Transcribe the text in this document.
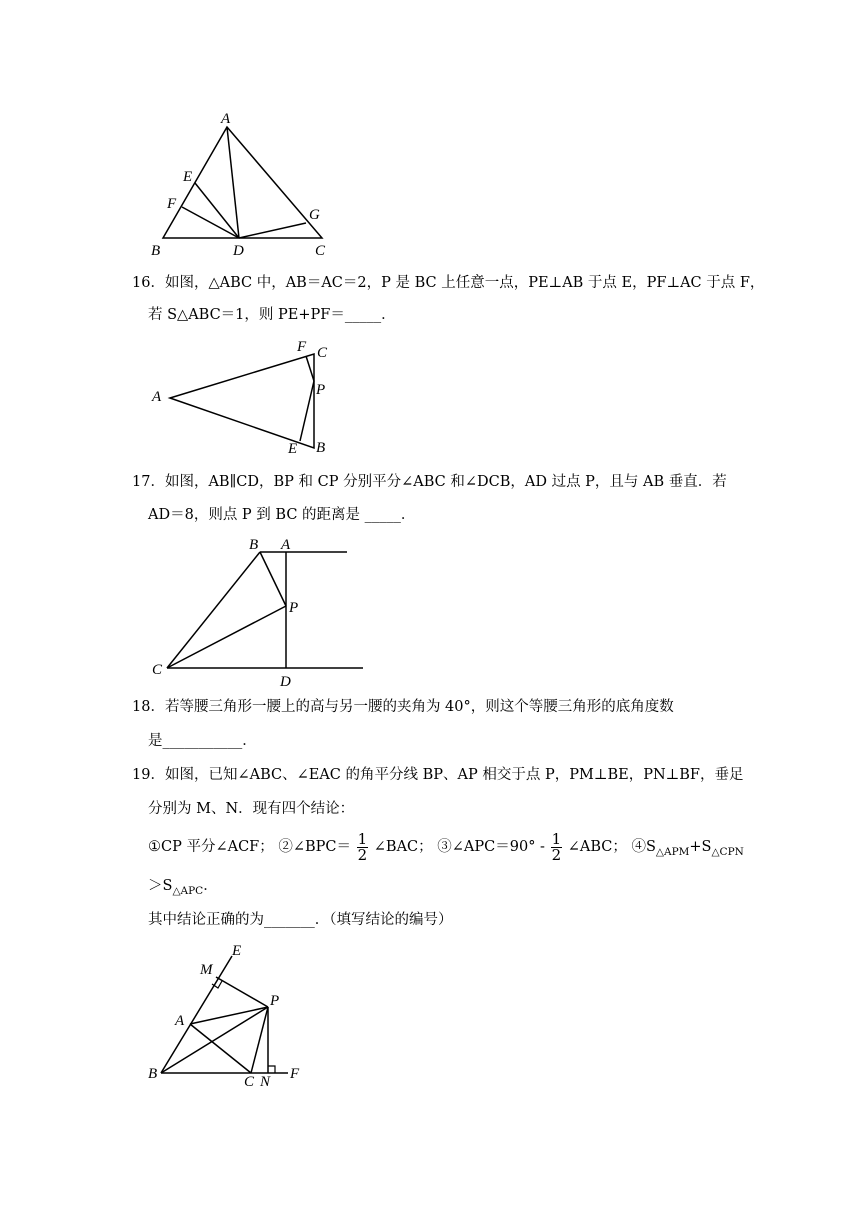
A
E
F
G
B	D	C
16．如图，△ABC 中，AB＝AC＝2，P 是 BC 上任意一点，PE⊥AB 于点 E，PF⊥AC 于点 F，
若 S△ABC＝1，则 PE+PF＝_____．
A
F C
P
E B
17．如图，AB∥CD，BP 和 CP 分别平分∠ABC 和∠DCB，AD 过点 P，且与 AB 垂直．若
AD＝8，则点 P 到 BC 的距离是 _____．
B A
P
C
D
18．若等腰三角形一腰上的高与另一腰的夹角为 40°，则这个等腰三角形的底角度数
是___________．
19．如图，已知∠ABC、∠EAC 的角平分线 BP、AP 相交于点 P，PM⊥BE，PN⊥BF，垂足
分别为 M、N．现有四个结论：
①CP 平分∠ACF； ②∠BPC＝ $\frac{1}{2}$ ∠BAC； ③∠APC＝90° - $\frac{1}{2}$ ∠ABC； $④S_{\triangle APM}+S_{\triangle CPN}$
$>S_{\triangle APC}$．
其中结论正确的为_______．（填写结论的编号）
E
M
P
A
B	C N F
